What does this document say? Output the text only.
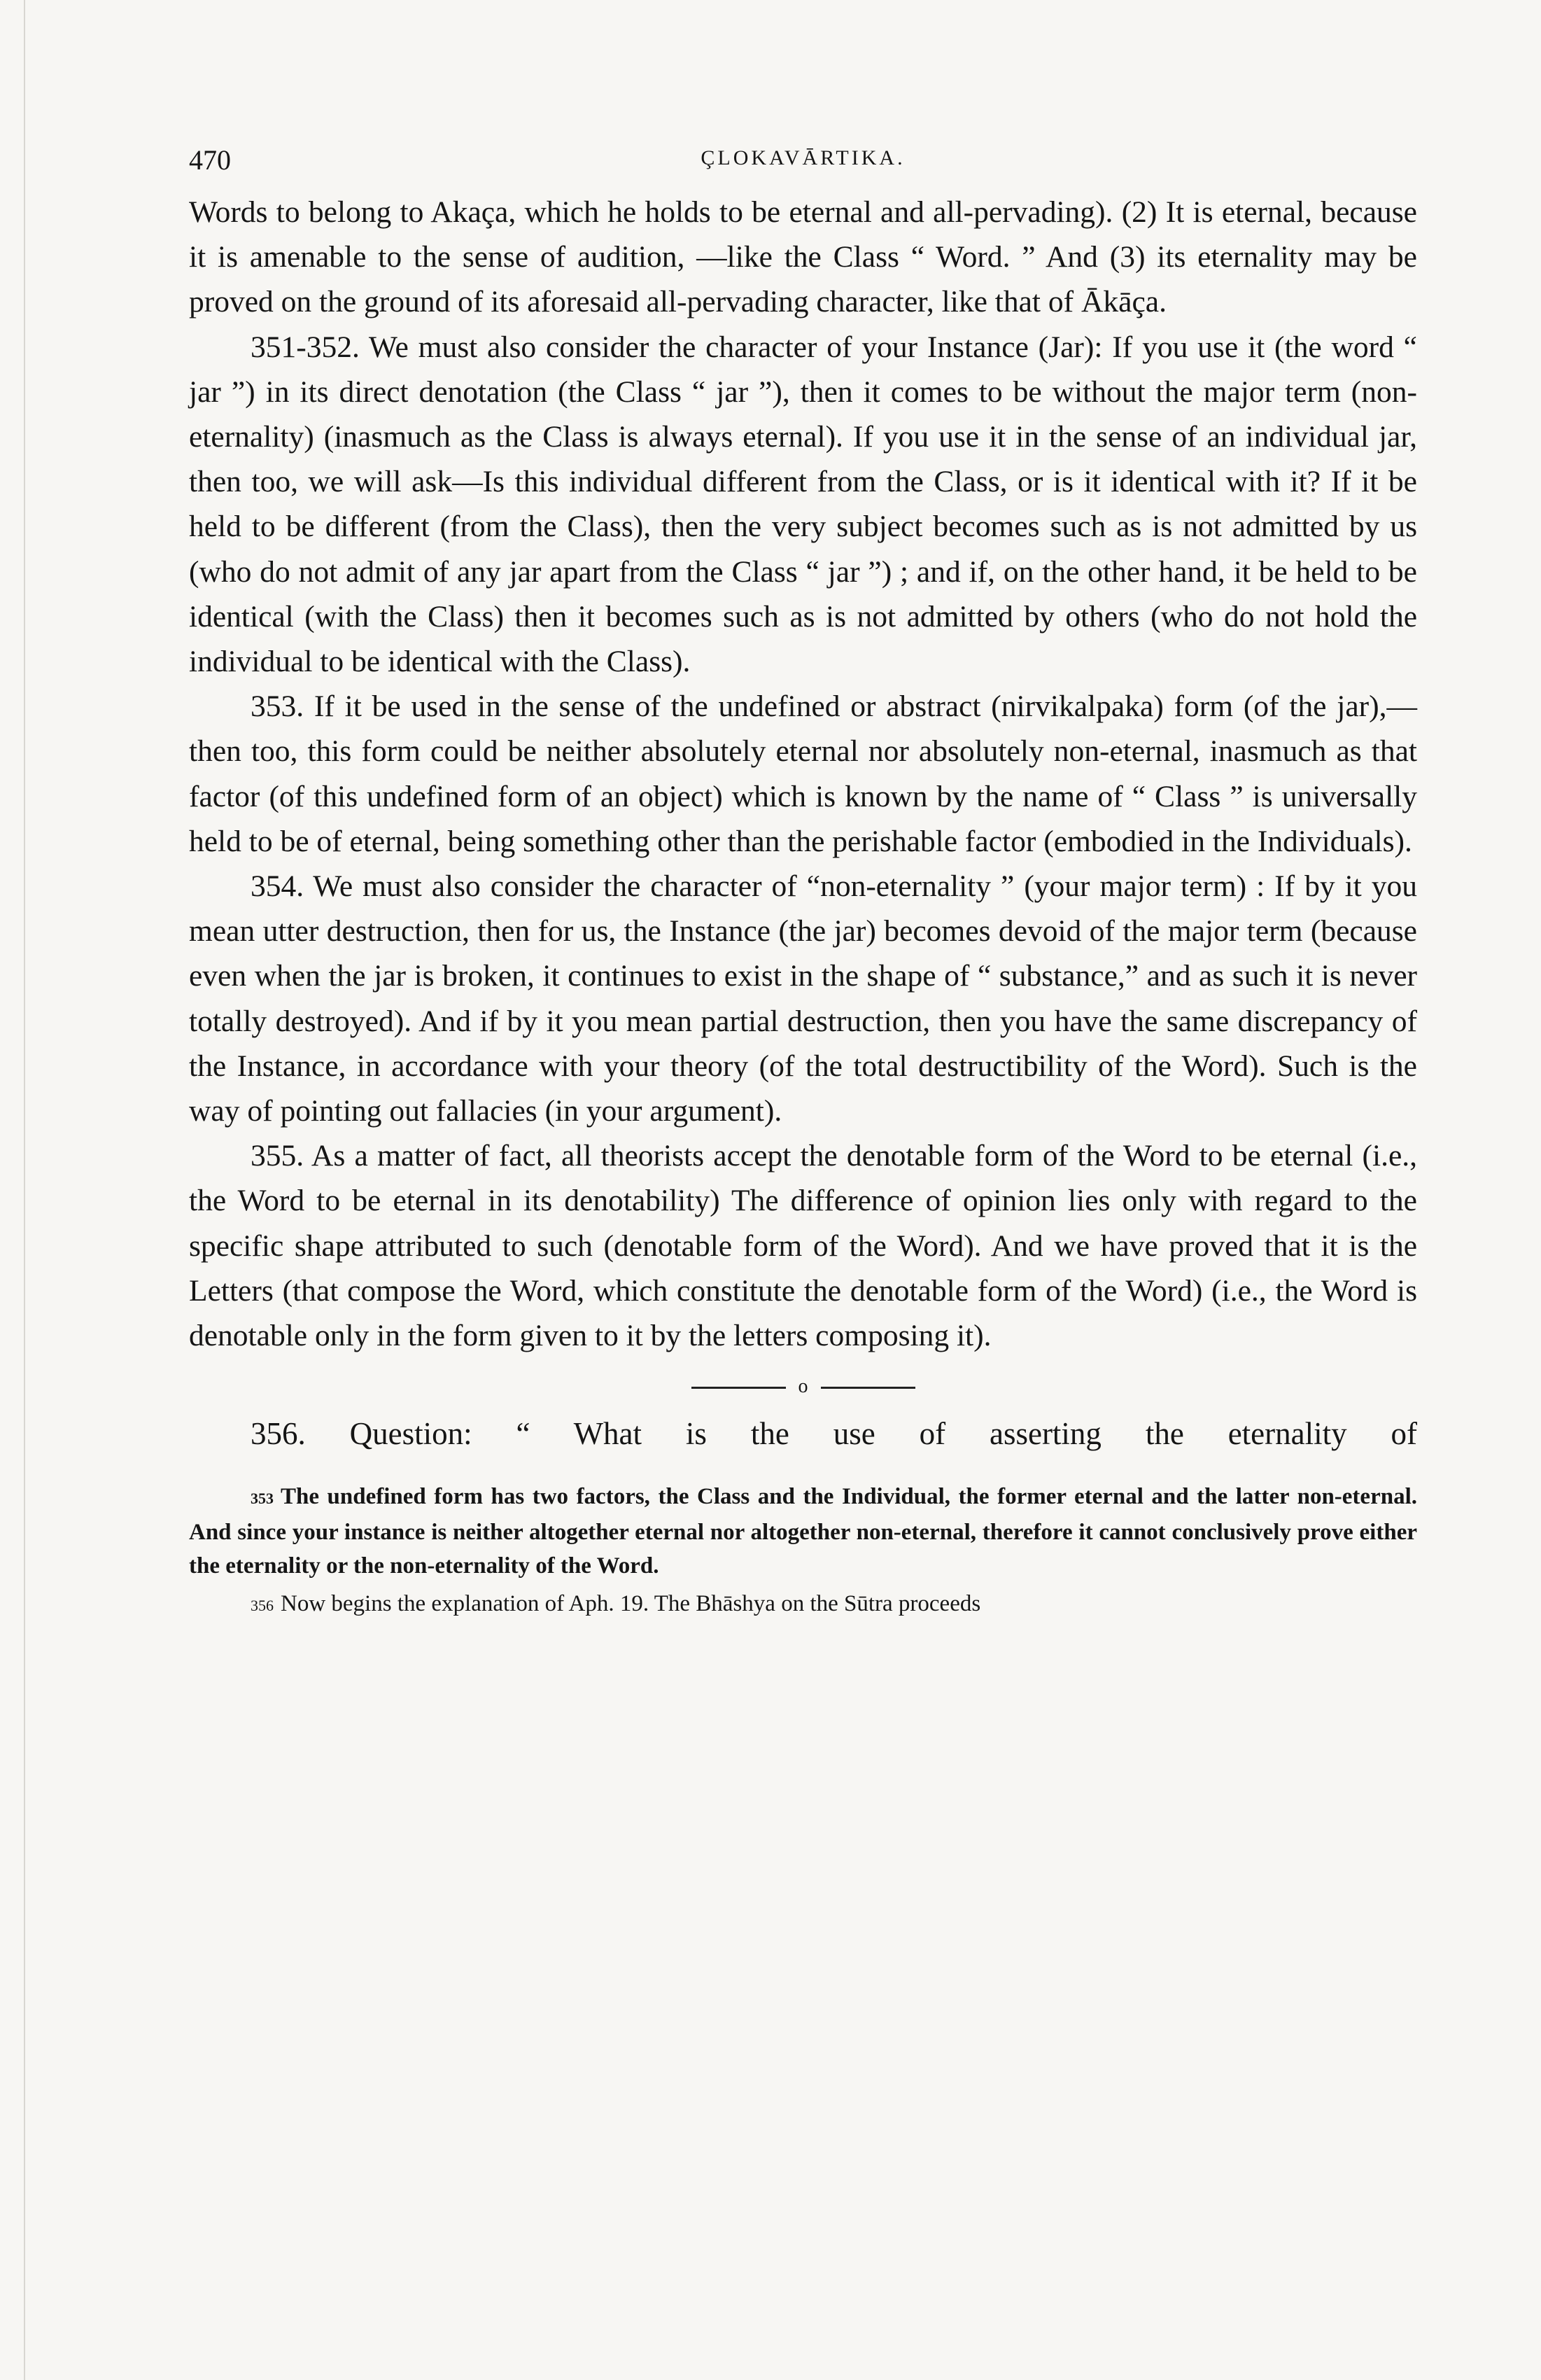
470	ÇLOKAVĀRTIKA.

Words to belong to Akaça, which he holds to be eternal and all-pervading). (2) It is eternal, because it is amenable to the sense of audition, —like the Class “ Word. ” And (3) its eternality may be proved on the ground of its aforesaid all-pervading character, like that of Ākāça.

351-352. We must also consider the character of your Instance (Jar): If you use it (the word “ jar ”) in its direct denotation (the Class “ jar ”), then it comes to be without the major term (non-eternality) (inasmuch as the Class is always eternal). If you use it in the sense of an individual jar, then too, we will ask—Is this individual different from the Class, or is it identical with it? If it be held to be different (from the Class), then the very subject becomes such as is not admitted by us (who do not admit of any jar apart from the Class “ jar ”) ; and if, on the other hand, it be held to be identical (with the Class) then it becomes such as is not admitted by others (who do not hold the individual to be identical with the Class).

353. If it be used in the sense of the undefined or abstract (nirvikalpaka) form (of the jar),—then too, this form could be neither absolutely eternal nor absolutely non-eternal, inasmuch as that factor (of this undefined form of an object) which is known by the name of “ Class ” is universally held to be of eternal, being something other than the perishable factor (embodied in the Individuals).

354. We must also consider the character of “non-eternality ” (your major term) : If by it you mean utter destruction, then for us, the Instance (the jar) becomes devoid of the major term (because even when the jar is broken, it continues to exist in the shape of “ substance,” and as such it is never totally destroyed). And if by it you mean partial destruction, then you have the same discrepancy of the Instance, in accordance with your theory (of the total destructibility of the Word). Such is the way of pointing out fallacies (in your argument).

355. As a matter of fact, all theorists accept the denotable form of the Word to be eternal (i.e., the Word to be eternal in its denotability) The difference of opinion lies only with regard to the specific shape attributed to such (denotable form of the Word). And we have proved that it is the Letters (that compose the Word, which constitute the denotable form of the Word) (i.e., the Word is denotable only in the form given to it by the letters composing it).

o

356. Question: “ What is the use of asserting the eternality of

353 The undefined form has two factors, the Class and the Individual, the former eternal and the latter non-eternal. And since your instance is neither altogether eternal nor altogether non-eternal, therefore it cannot conclusively prove either the eternality or the non-eternality of the Word.

356 Now begins the explanation of Aph. 19. The Bhāshya on the Sūtra proceeds
